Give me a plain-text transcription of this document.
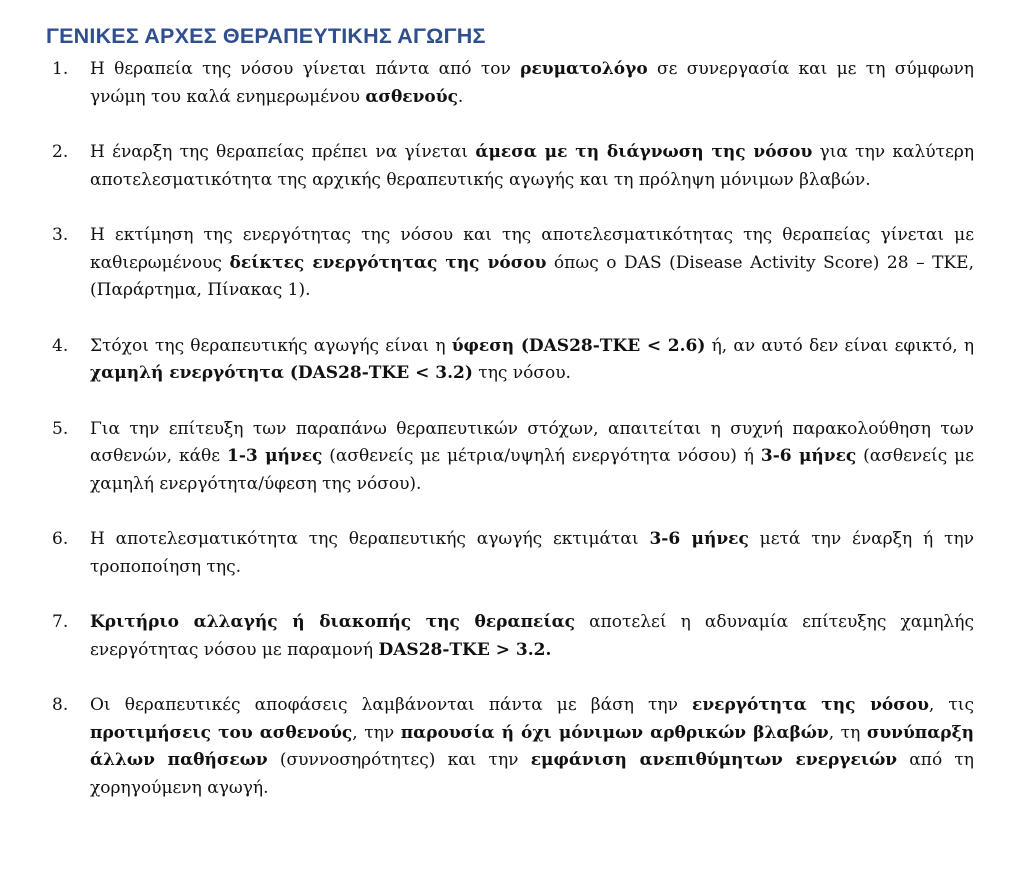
ΓΕΝΙΚΕΣ ΑΡΧΕΣ ΘΕΡΑΠΕΥΤΙΚΗΣ ΑΓΩΓΗΣ
1. Η θεραπεία της νόσου γίνεται πάντα από τον ρευματολόγο σε συνεργασία και με τη σύμφωνη γνώμη του καλά ενημερωμένου ασθενούς.
2. Η έναρξη της θεραπείας πρέπει να γίνεται άμεσα με τη διάγνωση της νόσου για την καλύτερη αποτελεσματικότητα της αρχικής θεραπευτικής αγωγής και τη πρόληψη μόνιμων βλαβών.
3. Η εκτίμηση της ενεργότητας της νόσου και της αποτελεσματικότητας της θεραπείας γίνεται με καθιερωμένους δείκτες ενεργότητας της νόσου όπως ο DAS (Disease Activity Score) 28 – ΤΚΕ, (Παράρτημα, Πίνακας 1).
4. Στόχοι της θεραπευτικής αγωγής είναι η ύφεση (DAS28-ΤΚΕ < 2.6) ή, αν αυτό δεν είναι εφικτό, η χαμηλή ενεργότητα (DAS28-ΤΚΕ < 3.2) της νόσου.
5. Για την επίτευξη των παραπάνω θεραπευτικών στόχων, απαιτείται η συχνή παρακολούθηση των ασθενών, κάθε 1-3 μήνες (ασθενείς με μέτρια/υψηλή ενεργότητα νόσου) ή 3-6 μήνες (ασθενείς με χαμηλή ενεργότητα/ύφεση της νόσου).
6. Η αποτελεσματικότητα της θεραπευτικής αγωγής εκτιμάται 3-6 μήνες μετά την έναρξη ή την τροποποίηση της.
7. Κριτήριο αλλαγής ή διακοπής της θεραπείας αποτελεί η αδυναμία επίτευξης χαμηλής ενεργότητας νόσου με παραμονή DAS28-ΤΚΕ > 3.2.
8. Οι θεραπευτικές αποφάσεις λαμβάνονται πάντα με βάση την ενεργότητα της νόσου, τις προτιμήσεις του ασθενούς, την παρουσία ή όχι μόνιμων αρθρικών βλαβών, τη συνύπαρξη άλλων παθήσεων (συννοσηρότητες) και την εμφάνιση ανεπιθύμητων ενεργειών από τη χορηγούμενη αγωγή.
